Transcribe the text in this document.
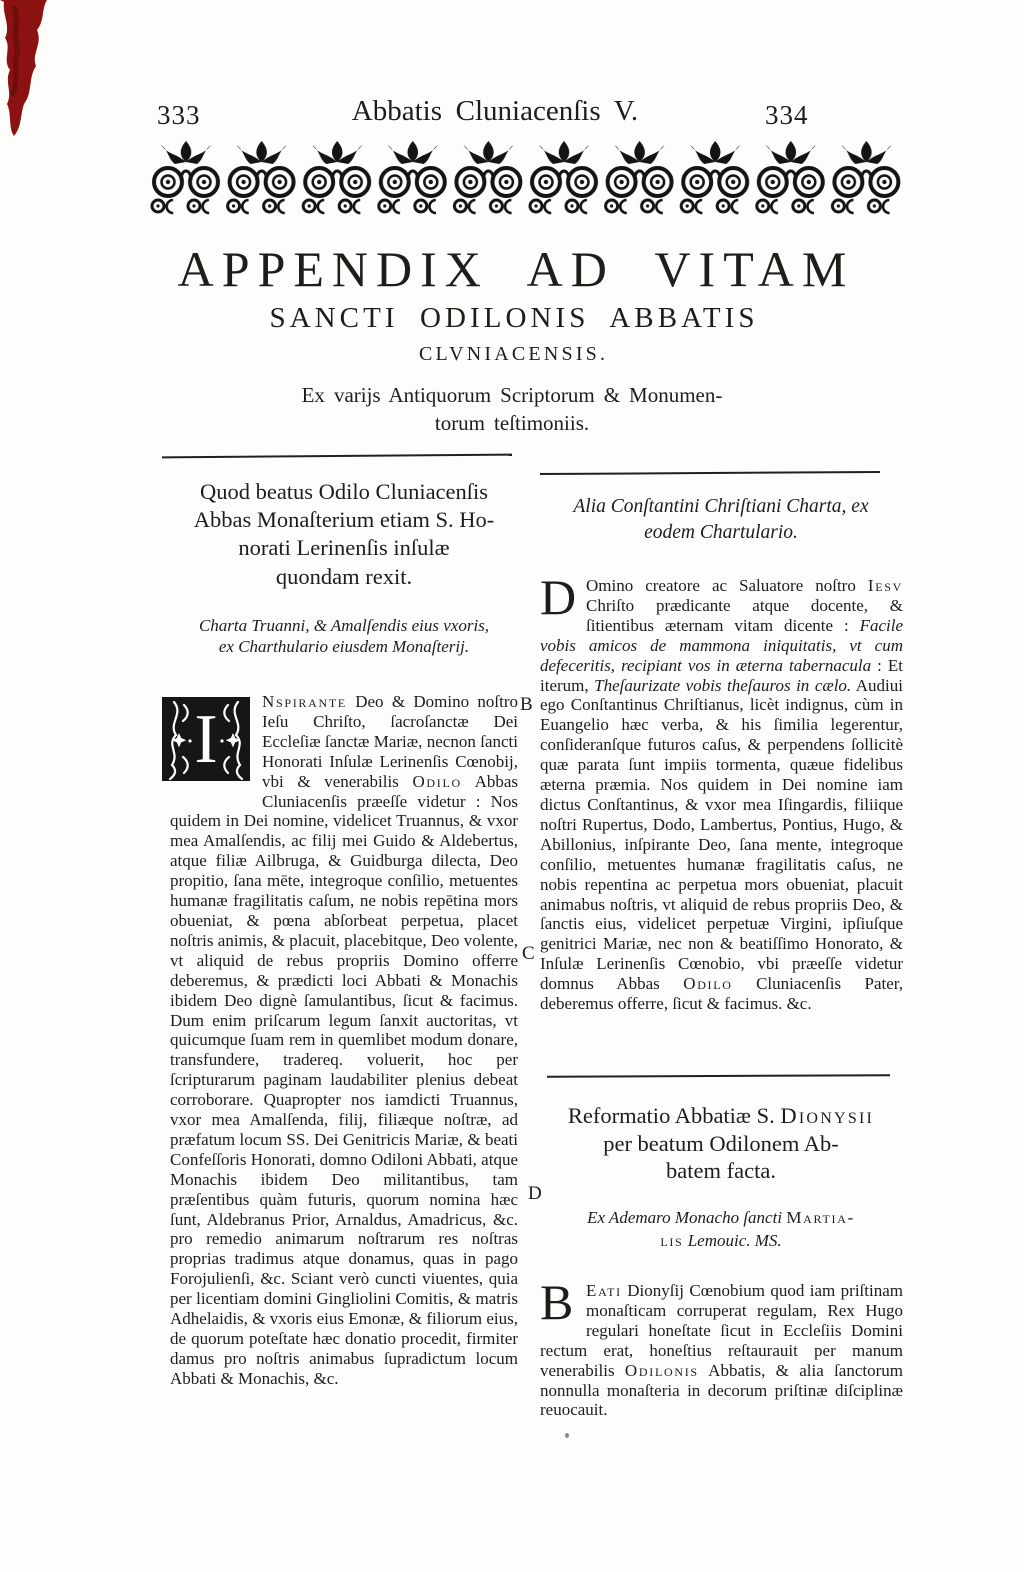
333	Abbatis Cluniacenſis V.	334
APPENDIX AD VITAM
SANCTI ODILONIS ABBATIS
CLVNIACENSIS.
Ex varijs Antiquorum Scriptorum & Monumen-
torum teſtimoniis.
Quod beatus Odilo Cluniacenſis
Abbas Monaſterium etiam S. Ho-
norati Lerinenſis inſulæ
quondam rexit.
Charta Truanni, & Amalſendis eius vxoris,
ex Charthulario eiusdem Monaſterij.

I	Nspirante Deo & Domino noſtro Ieſu Chriſto, ſacroſanctæ Dei Eccleſiæ ſanctæ Mariæ, necnon ſancti Honorati Inſulæ Lerinenſis Cœnobij, vbi & venerabilis Odilo Abbas Cluniacenſis præeſſe videtur : Nos quidem in Dei nomine, videlicet Truannus, & vxor mea Amalſendis, ac filij mei Guido & Aldebertus, atque filiæ Ailbruga, & Guidburga dilecta, Deo propitio, ſana mēte, integroque conſilio, metuentes humanæ fragilitatis caſum, ne nobis repētina mors obueniat, & pœna abſorbeat perpetua, placet noſtris animis, & placuit, placebitque, Deo volente, vt aliquid de rebus propriis Domino offerre deberemus, & prædicti loci Abbati & Monachis ibidem Deo dignè ſamulantibus, ſicut & facimus. Dum enim priſcarum legum ſanxit auctoritas, vt quicumque ſuam rem in quemlibet modum donare, transfundere, tradereq. voluerit, hoc per ſcripturarum paginam laudabiliter plenius debeat corroborare. Quapropter nos iamdicti Truannus, vxor mea Amalſenda, filij, filiæque noſtræ, ad præfatum locum SS. Dei Genitricis Mariæ, & beati Confeſſoris Honorati, domno Odiloni Abbati, atque Monachis ibidem Deo militantibus, tam præſentibus quàm futuris, quorum nomina hæc ſunt, Aldebranus Prior, Arnaldus, Amadricus, &c. pro remedio animarum noſtrarum res noſtras proprias tradimus atque donamus, quas in pago Forojulienſi, &c. Sciant verò cuncti viuentes, quia per licentiam domini Gingliolini Comitis, & matris Adhelaidis, & vxoris eius Emonæ, & filiorum eius, de quorum poteſtate hæc donatio procedit, firmiter damus pro noſtris animabus ſupradictum locum Abbati & Monachis, &c.

B
C
D
Alia Conſtantini Chriſtiani Charta, ex
eodem Chartulario.

D Omino creatore ac Saluatore noſtro Iesv Chriſto prædicante atque docente, & ſitientibus æternam vitam dicente : Facile vobis amicos de mammona iniquitatis, vt cum defeceritis, recipiant vos in æterna tabernacula : Et iterum, Theſaurizate vobis theſauros in cælo. Audiui ego Conſtantinus Chriſtianus, licèt indignus, cùm in Euangelio hæc verba, & his ſimilia legerentur, conſideranſque futuros caſus, & perpendens ſollicitè quæ parata ſunt impiis tormenta, quæue fidelibus æterna præmia. Nos quidem in Dei nomine iam dictus Conſtantinus, & vxor mea Iſingardis, filiique noſtri Rupertus, Dodo, Lambertus, Pontius, Hugo, & Abillonius, inſpirante Deo, ſana mente, integroque conſilio, metuentes humanæ fragilitatis caſus, ne nobis repentina ac perpetua mors obueniat, placuit animabus noſtris, vt aliquid de rebus propriis Deo, & ſanctis eius, videlicet perpetuæ Virgini, ipſiuſque genitrici Mariæ, nec non & beatiſſimo Honorato, & Inſulæ Lerinenſis Cœnobio, vbi præeſſe videtur domnus Abbas Odilo Cluniacenſis Pater, deberemus offerre, ſicut & facimus. &c.

Reformatio Abbatiæ S. Dionysii
per beatum Odilonem Ab-
batem facta.
Ex Ademaro Monacho ſancti Martia-
lis Lemouic. MS.

B Eati Dionyſij Cœnobium quod iam priſtinam monaſticam corruperat regulam, Rex Hugo regulari honeſtate ſicut in Eccleſiis Domini rectum erat, honeſtius reſtaurauit per manum venerabilis Odilonis Abbatis, & alia ſanctorum nonnulla monaſteria in decorum priſtinæ diſciplinæ reuocauit.
